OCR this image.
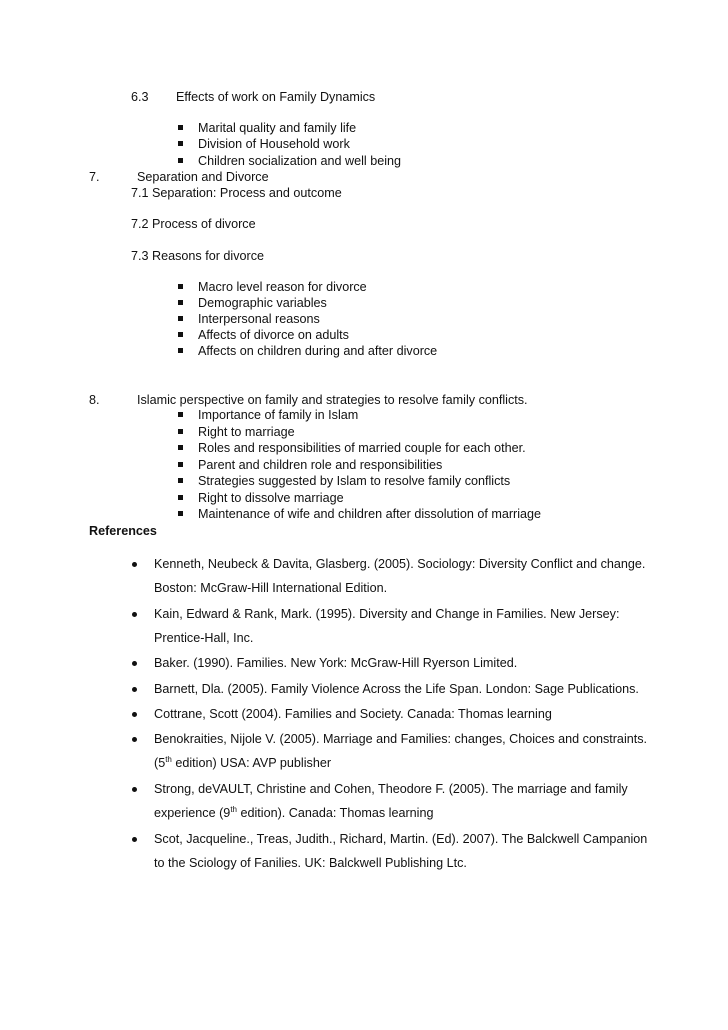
6.3 Effects of work on Family Dynamics
Marital quality and family life
Division of Household work
Children socialization and well being
7.	Separation and Divorce
7.1 Separation: Process and outcome
7.2 Process of divorce
7.3 Reasons for divorce
Macro level reason for divorce
Demographic variables
Interpersonal reasons
Affects of divorce on adults
Affects on children during and after divorce
8.	Islamic perspective on family and strategies to resolve family conflicts.
Importance of family in Islam
Right to marriage
Roles and responsibilities of married couple for each other.
Parent and children role and responsibilities
Strategies suggested by Islam to resolve family conflicts
Right to dissolve marriage
Maintenance of wife and children after dissolution of marriage
References
Kenneth, Neubeck & Davita, Glasberg. (2005). Sociology: Diversity Conflict and change.
Boston: McGraw-Hill International Edition.
Kain, Edward & Rank, Mark. (1995). Diversity and Change in Families. New Jersey:
Prentice-Hall, Inc.
Baker. (1990). Families. New York: McGraw-Hill Ryerson Limited.
Barnett, Dla. (2005). Family Violence Across the Life Span. London: Sage Publications.
Cottrane, Scott (2004). Families and Society. Canada: Thomas learning
Benokraities, Nijole V. (2005). Marriage and Families: changes, Choices and constraints.
(5th edition) USA: AVP publisher
Strong, deVAULT, Christine and Cohen, Theodore F. (2005). The marriage and family
experience (9th edition). Canada: Thomas learning
Scot, Jacqueline., Treas, Judith., Richard, Martin. (Ed). 2007). The Balckwell Campanion
to the Sciology of Fanilies. UK: Balckwell Publishing Ltc.
